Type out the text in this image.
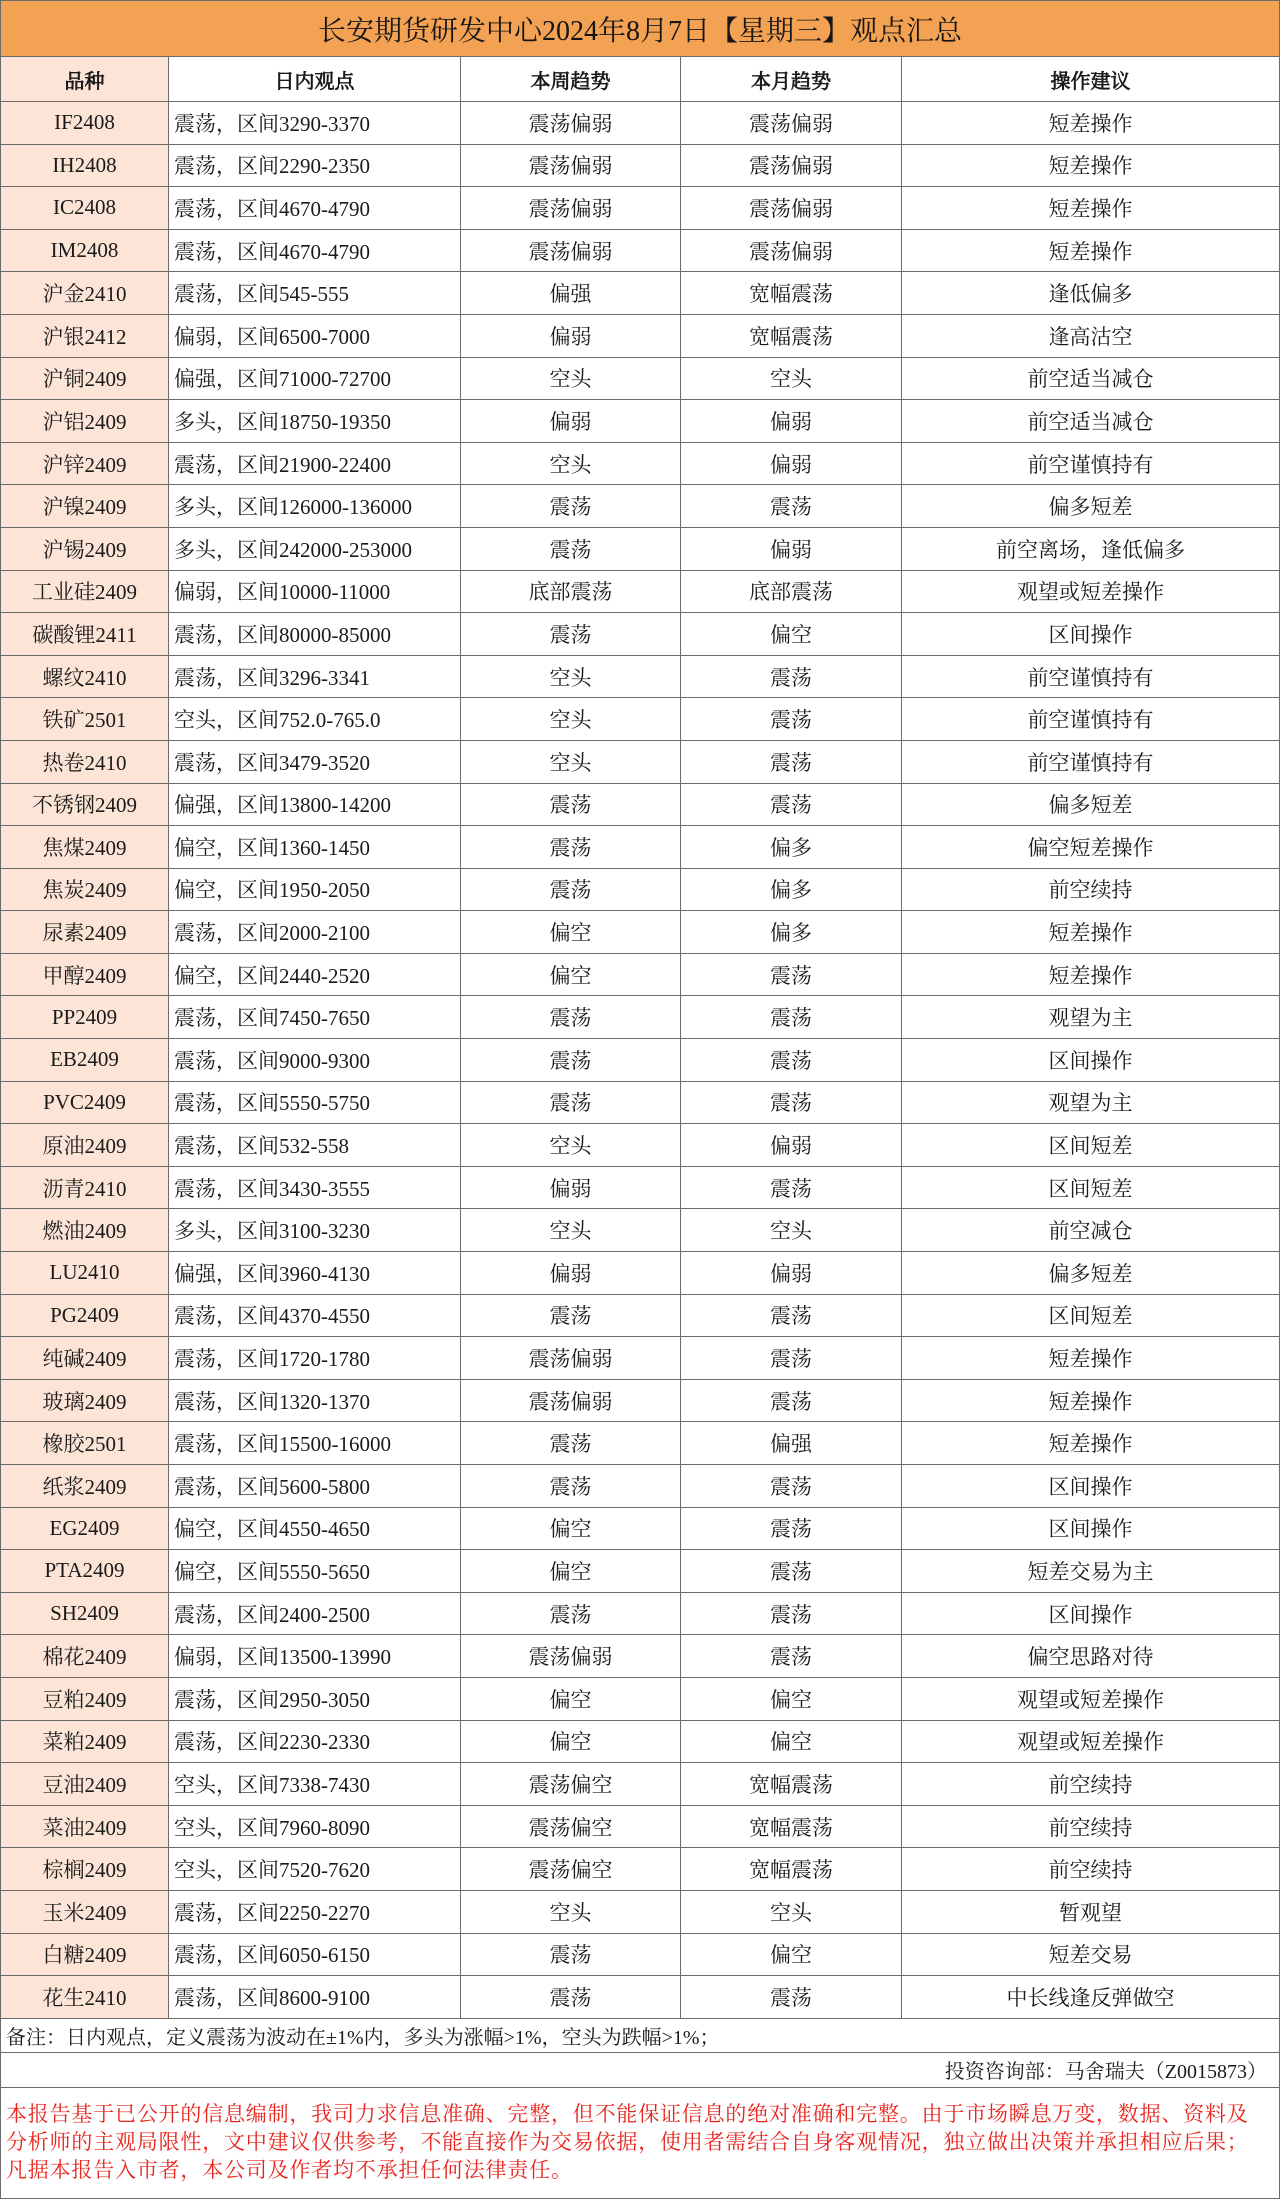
长安期货研发中心2024年8月7日【星期三】观点汇总
品种	日内观点	本周趋势	本月趋势	操作建议
IF2408	震荡，区间3290-3370	震荡偏弱	震荡偏弱	短差操作
IH2408	震荡，区间2290-2350	震荡偏弱	震荡偏弱	短差操作
IC2408	震荡，区间4670-4790	震荡偏弱	震荡偏弱	短差操作
IM2408	震荡，区间4670-4790	震荡偏弱	震荡偏弱	短差操作
沪金2410	震荡，区间545-555	偏强	宽幅震荡	逢低偏多
沪银2412	偏弱，区间6500-7000	偏弱	宽幅震荡	逢高沽空
沪铜2409	偏强，区间71000-72700	空头	空头	前空适当减仓
沪铝2409	多头，区间18750-19350	偏弱	偏弱	前空适当减仓
沪锌2409	震荡，区间21900-22400	空头	偏弱	前空谨慎持有
沪镍2409	多头，区间126000-136000	震荡	震荡	偏多短差
沪锡2409	多头，区间242000-253000	震荡	偏弱	前空离场，逢低偏多
工业硅2409	偏弱，区间10000-11000	底部震荡	底部震荡	观望或短差操作
碳酸锂2411	震荡，区间80000-85000	震荡	偏空	区间操作
螺纹2410	震荡，区间3296-3341	空头	震荡	前空谨慎持有
铁矿2501	空头，区间752.0-765.0	空头	震荡	前空谨慎持有
热卷2410	震荡，区间3479-3520	空头	震荡	前空谨慎持有
不锈钢2409	偏强，区间13800-14200	震荡	震荡	偏多短差
焦煤2409	偏空，区间1360-1450	震荡	偏多	偏空短差操作
焦炭2409	偏空，区间1950-2050	震荡	偏多	前空续持
尿素2409	震荡，区间2000-2100	偏空	偏多	短差操作
甲醇2409	偏空，区间2440-2520	偏空	震荡	短差操作
PP2409	震荡，区间7450-7650	震荡	震荡	观望为主
EB2409	震荡，区间9000-9300	震荡	震荡	区间操作
PVC2409	震荡，区间5550-5750	震荡	震荡	观望为主
原油2409	震荡，区间532-558	空头	偏弱	区间短差
沥青2410	震荡，区间3430-3555	偏弱	震荡	区间短差
燃油2409	多头，区间3100-3230	空头	空头	前空减仓
LU2410	偏强，区间3960-4130	偏弱	偏弱	偏多短差
PG2409	震荡，区间4370-4550	震荡	震荡	区间短差
纯碱2409	震荡，区间1720-1780	震荡偏弱	震荡	短差操作
玻璃2409	震荡，区间1320-1370	震荡偏弱	震荡	短差操作
橡胶2501	震荡，区间15500-16000	震荡	偏强	短差操作
纸浆2409	震荡，区间5600-5800	震荡	震荡	区间操作
EG2409	偏空，区间4550-4650	偏空	震荡	区间操作
PTA2409	偏空，区间5550-5650	偏空	震荡	短差交易为主
SH2409	震荡，区间2400-2500	震荡	震荡	区间操作
棉花2409	偏弱，区间13500-13990	震荡偏弱	震荡	偏空思路对待
豆粕2409	震荡，区间2950-3050	偏空	偏空	观望或短差操作
菜粕2409	震荡，区间2230-2330	偏空	偏空	观望或短差操作
豆油2409	空头，区间7338-7430	震荡偏空	宽幅震荡	前空续持
菜油2409	空头，区间7960-8090	震荡偏空	宽幅震荡	前空续持
棕榈2409	空头，区间7520-7620	震荡偏空	宽幅震荡	前空续持
玉米2409	震荡，区间2250-2270	空头	空头	暂观望
白糖2409	震荡，区间6050-6150	震荡	偏空	短差交易
花生2410	震荡，区间8600-9100	震荡	震荡	中长线逢反弹做空
备注：日内观点，定义震荡为波动在±1%内，多头为涨幅>1%，空头为跌幅>1%；
投资咨询部：马舍瑞夫（Z0015873）
本报告基于已公开的信息编制，我司力求信息准确、完整，但不能保证信息的绝对准确和完整。由于市场瞬息万变，数据、资料及
分析师的主观局限性，文中建议仅供参考，不能直接作为交易依据，使用者需结合自身客观情况，独立做出决策并承担相应后果；
凡据本报告入市者，本公司及作者均不承担任何法律责任。
